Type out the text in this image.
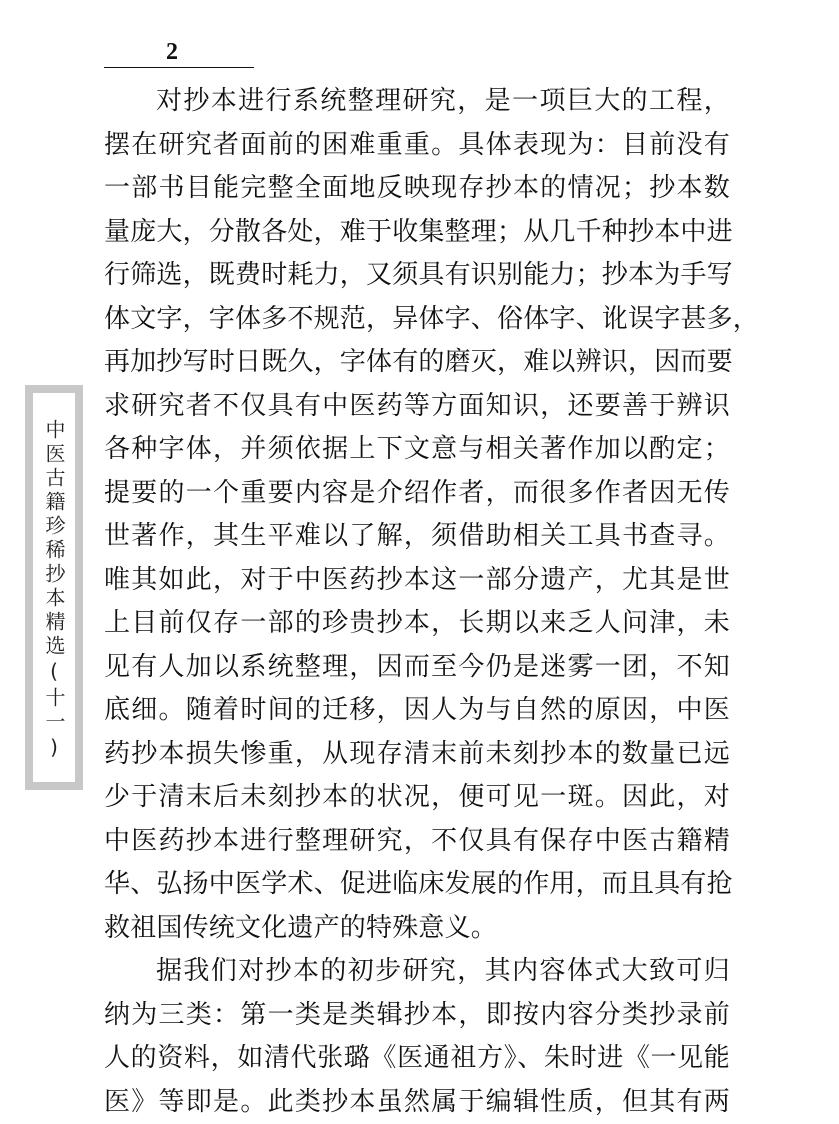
2
中医古籍珍稀抄本精选(十一)

对抄本进行系统整理研究，是一项巨大的工程，
摆在研究者面前的困难重重。具体表现为：目前没有
一部书目能完整全面地反映现存抄本的情况；抄本数
量庞大，分散各处，难于收集整理；从几千种抄本中进
行筛选，既费时耗力，又须具有识别能力；抄本为手写
体文字，字体多不规范，异体字、俗体字、讹误字甚多，
再加抄写时日既久，字体有的磨灭，难以辨识，因而要
求研究者不仅具有中医药等方面知识，还要善于辨识
各种字体，并须依据上下文意与相关著作加以酌定；
提要的一个重要内容是介绍作者，而很多作者因无传
世著作，其生平难以了解，须借助相关工具书查寻。
唯其如此，对于中医药抄本这一部分遗产，尤其是世
上目前仅存一部的珍贵抄本，长期以来乏人问津，未
见有人加以系统整理，因而至今仍是迷雾一团，不知
底细。随着时间的迁移，因人为与自然的原因，中医
药抄本损失惨重，从现存清末前未刻抄本的数量已远
少于清末后未刻抄本的状况，便可见一斑。因此，对
中医药抄本进行整理研究，不仅具有保存中医古籍精
华、弘扬中医学术、促进临床发展的作用，而且具有抢
救祖国传统文化遗产的特殊意义。

据我们对抄本的初步研究，其内容体式大致可归
纳为三类：第一类是类辑抄本，即按内容分类抄录前
人的资料，如清代张璐《医通祖方》、朱时进《一见能
医》等即是。此类抄本虽然属于编辑性质，但其有两
